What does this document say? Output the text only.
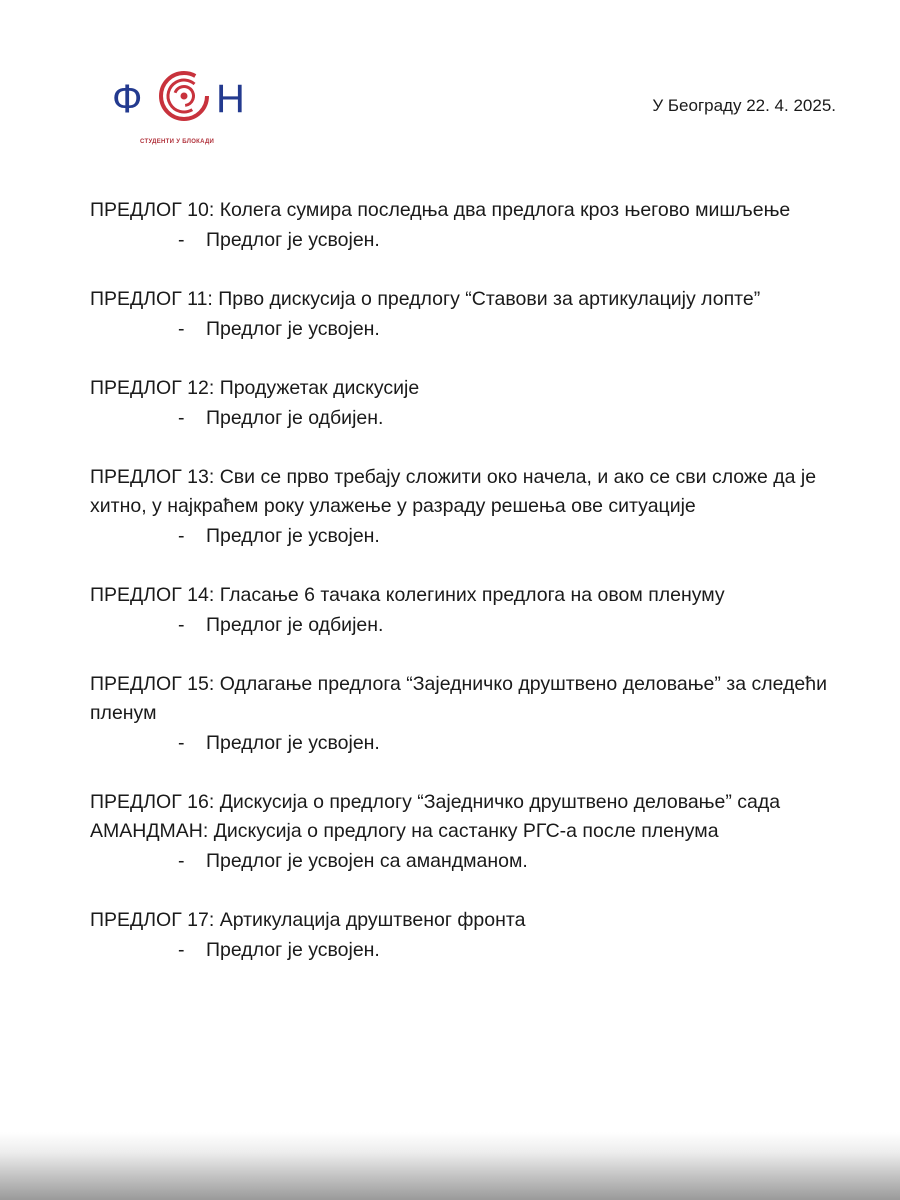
Ф Н
СТУДЕНТИ У БЛОКАДИ
У Београду 22. 4. 2025.

ПРЕДЛОГ 10: Колега сумира последња два предлога кроз његово мишљење

- Предлог је усвојен.

ПРЕДЛОГ 11: Прво дискусија о предлогу “Ставови за артикулацију лопте”

- Предлог је усвојен.

ПРЕДЛОГ 12: Продужетак дискусије

- Предлог је одбијен.

ПРЕДЛОГ 13: Сви се прво требају сложити око начела, и ако се сви сложе да је хитно, у најкраћем року улажење у разраду решења ове ситуације

- Предлог је усвојен.

ПРЕДЛОГ 14: Гласање 6 тачака колегиних предлога на овом пленуму

- Предлог је одбијен.

ПРЕДЛОГ 15: Одлагање предлога “Заједничко друштвено деловање” за следећи пленум

- Предлог је усвојен.

ПРЕДЛОГ 16: Дискусија о предлогу “Заједничко друштвено деловање” сада

АМАНДМАН: Дискусија о предлогу на састанку РГС-а после пленума

- Предлог је усвојен са амандманом.

ПРЕДЛОГ 17: Артикулација друштвеног фронта

- Предлог је усвојен.
